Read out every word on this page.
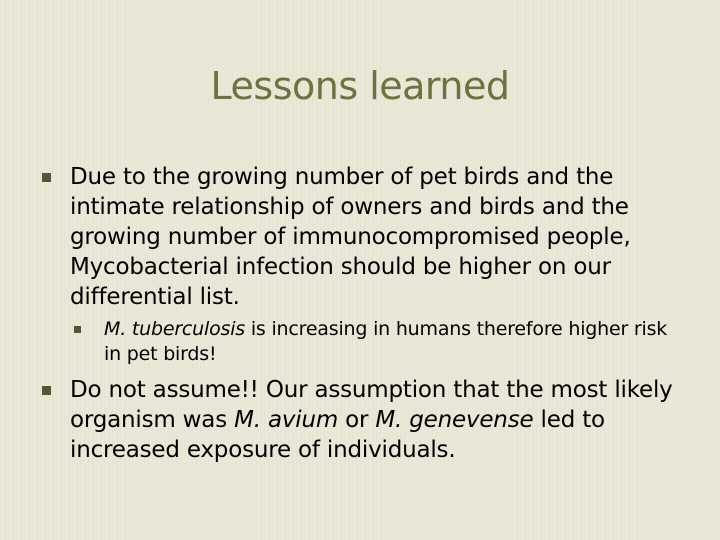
Lessons learned
Due to the growing number of pet birds and the intimate relationship of owners and birds and the growing number of immunocompromised people, Mycobacterial infection should be higher on our differential list.
M. tuberculosis is increasing in humans therefore higher risk in pet birds!
Do not assume!! Our assumption that the most likely organism was M. avium or M. genevense led to increased exposure of individuals.
